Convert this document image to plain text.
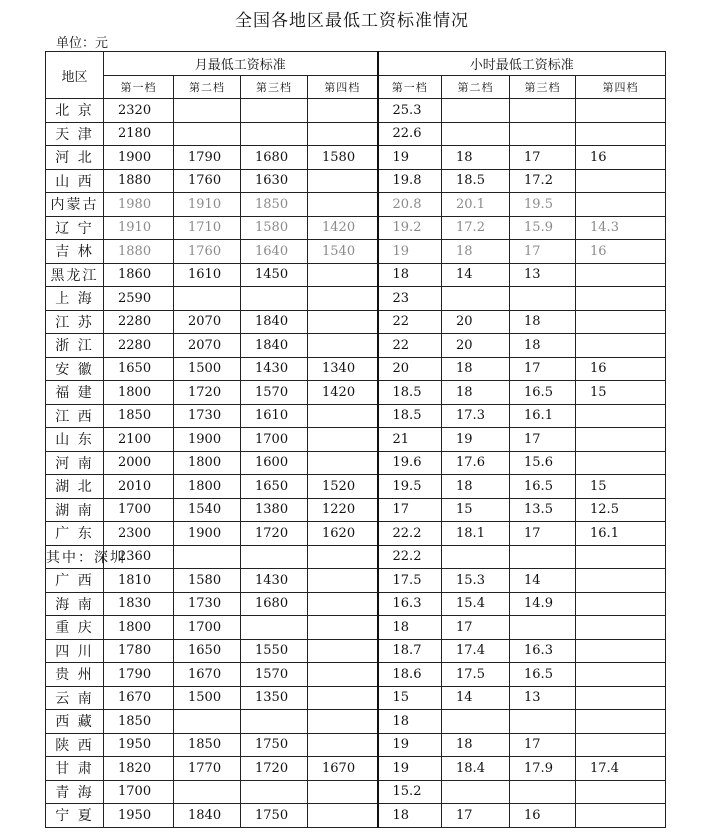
全国各地区最低工资标准情况
单位：元
地区	月最低工资标准				小时最低工资标准			
	第一档	第二档	第三档	第四档	第一档	第二档	第三档	第四档
北 京	2320				25.3			
天 津	2180				22.6			
河 北	1900	1790	1680	1580	19	18	17	16
山 西	1880	1760	1630		19.8	18.5	17.2	
内蒙古	1980	1910	1850		20.8	20.1	19.5	
辽 宁	1910	1710	1580	1420	19.2	17.2	15.9	14.3
吉 林	1880	1760	1640	1540	19	18	17	16
黑龙江	1860	1610	1450		18	14	13	
上 海	2590				23			
江 苏	2280	2070	1840		22	20	18	
浙 江	2280	2070	1840		22	20	18	
安 徽	1650	1500	1430	1340	20	18	17	16
福 建	1800	1720	1570	1420	18.5	18	16.5	15
江 西	1850	1730	1610		18.5	17.3	16.1	
山 东	2100	1900	1700		21	19	17	
河 南	2000	1800	1600		19.6	17.6	15.6	
湖 北	2010	1800	1650	1520	19.5	18	16.5	15
湖 南	1700	1540	1380	1220	17	15	13.5	12.5
广 东	2300	1900	1720	1620	22.2	18.1	17	16.1
其中：深圳	2360				22.2			
广 西	1810	1580	1430		17.5	15.3	14	
海 南	1830	1730	1680		16.3	15.4	14.9	
重 庆	1800	1700			18	17		
四 川	1780	1650	1550		18.7	17.4	16.3	
贵 州	1790	1670	1570		18.6	17.5	16.5	
云 南	1670	1500	1350		15	14	13	
西 藏	1850				18			
陕 西	1950	1850	1750		19	18	17	
甘 肃	1820	1770	1720	1670	19	18.4	17.9	17.4
青 海	1700				15.2			
宁 夏	1950	1840	1750		18	17	16	
